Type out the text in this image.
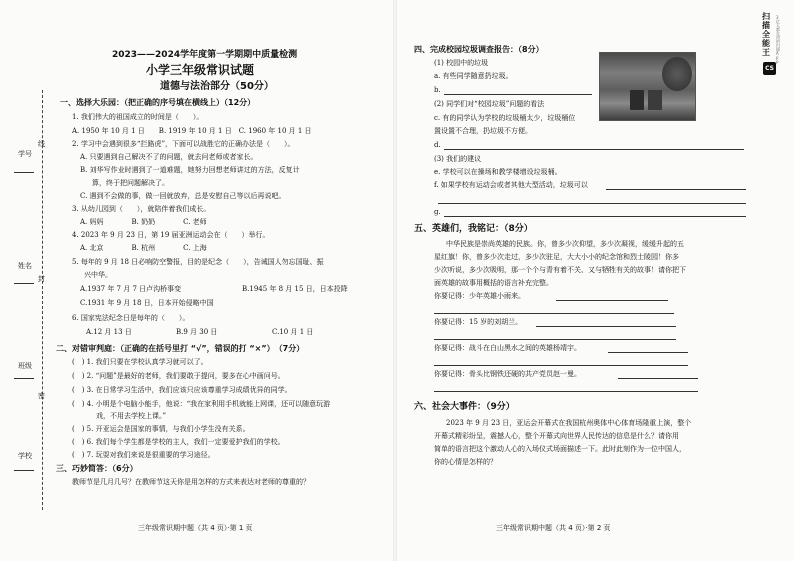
学号
线
姓名
封
班级
密
学校
2023——2024学年度第一学期期中质量检测
小学三年级常识试题
道德与法治部分（50分）
一、选择大乐园：（把正确的序号填在横线上）（12分）
1. 我们伟大的祖国成立的时间是（　　）。
A. 1950 年 10 月 1 日　　B. 1919 年 10 月 1 日　C. 1960 年 10 月 1 日
2. 学习中会遇到很多“拦路虎”，下面可以战胜它的正确办法是（　　）。
A. 只要遇到自己解决不了的问题，就去问老师或者家长。
B. 刘华写作业时遇到了一道难题，她努力回想老师讲过的方法，反复计
算，终于把问题解决了。
C. 遇到不会做的事，做一回就放弃，总是安慰自己等以后再说吧。
3. 从幼儿园到（　　），就陪伴着我们成长。
A. 妈妈　　　　B. 奶奶　　　　C. 老师
4. 2023 年 9 月 23 日，第 19 届亚洲运动会在（　　）举行。
A. 北京　　　　B. 杭州　　　　C. 上海
5. 每年的 9 月 18 日必响防空警报，目的是纪念（　　），告诫国人勿忘国耻、振
兴中华。
A.1937 年 7 月 7 日卢沟桥事变	B.1945 年 8 月 15 日，日本投降
C.1931 年 9 月 18 日，日本开始侵略中国
6. 国家宪法纪念日是每年的（　　）。
A.12 月 13 日	B.9 月 30 日	C.10 月 1 日
二、对错审判庭：（正确的在括号里打 “√”，错误的打 “×”）　（7分）
(　) 1. 我们只要在学校认真学习就可以了。
(　) 2. “问题”是最好的老师，我们要敢于提问，要多在心中画问号。
(　) 3. 在日常学习生活中，我们应该只应该尊重学习成绩优异的同学。
(　) 4. 小明是个电脑小能手，他说：“我在家利用手机就能上网课，还可以随意玩游
戏，不用去学校上课。”
(　) 5. 开亚运会是国家的事情，与我们小学生没有关系。
(　) 6. 我们每个学生都是学校的主人，我们一定要爱护我们的学校。
(　) 7. 玩耍对我们来说是很重要的学习途径。
三、巧妙简答：（6分）
教师节是几月几号？在教师节这天你是用怎样的方式来表达对老师的尊重的？
三年级常识期中题（共 4 页）·第 1 页
四、完成校园垃圾调查报告：（8分）
(1) 校园中的垃圾
a. 有些同学随意扔垃圾。
b.
(2) 同学们对“校园垃圾”问题的看法
c. 有的同学认为学校的垃圾桶太少，垃圾桶位
置设置不合理，扔垃圾不方便。
d.
(3) 我们的建议
e. 学校可以在操场和教学楼增设垃圾桶。
f. 如果学校有运动会或者其他大型活动，垃圾可以
g.
五、英雄们，我铭记：（8分）
中华民族是崇尚英雄的民族。你，曾多少次仰望，多少次凝视，缓缓升起的五
星红旗！你，曾多少次走过，多少次驻足，大大小小的纪念馆和烈士陵园！你多
少次听说，多少次吸明，那一个个与青有着不关、又与牺牲有关的故事！请你把下
面英雄的故事用概括的语言补充完整。
你要记得：少年英雄小雨来。
你要记得：15 岁的刘胡兰。
你要记得：战斗在白山黑水之间的英雄杨靖宇。
你要记得：骨头比钢铁还硬的共产党员赵一曼。
六、社会大事件：（9分）
2023 年 9 月 23 日，亚运会开幕式在我国杭州奥体中心体育场隆重上演，整个
开幕式精彩纷呈，震撼人心，整个开幕式向世界人民传达的信息是什么？请你用
简单的语言把这个激动人心的入场仪式场面描述一下。此时此刻作为一位中国人，
你的心情是怎样的？
三年级常识期中题（共 4 页）·第 2 页
扫描全能王
3亿人都在用的扫描App
CS
